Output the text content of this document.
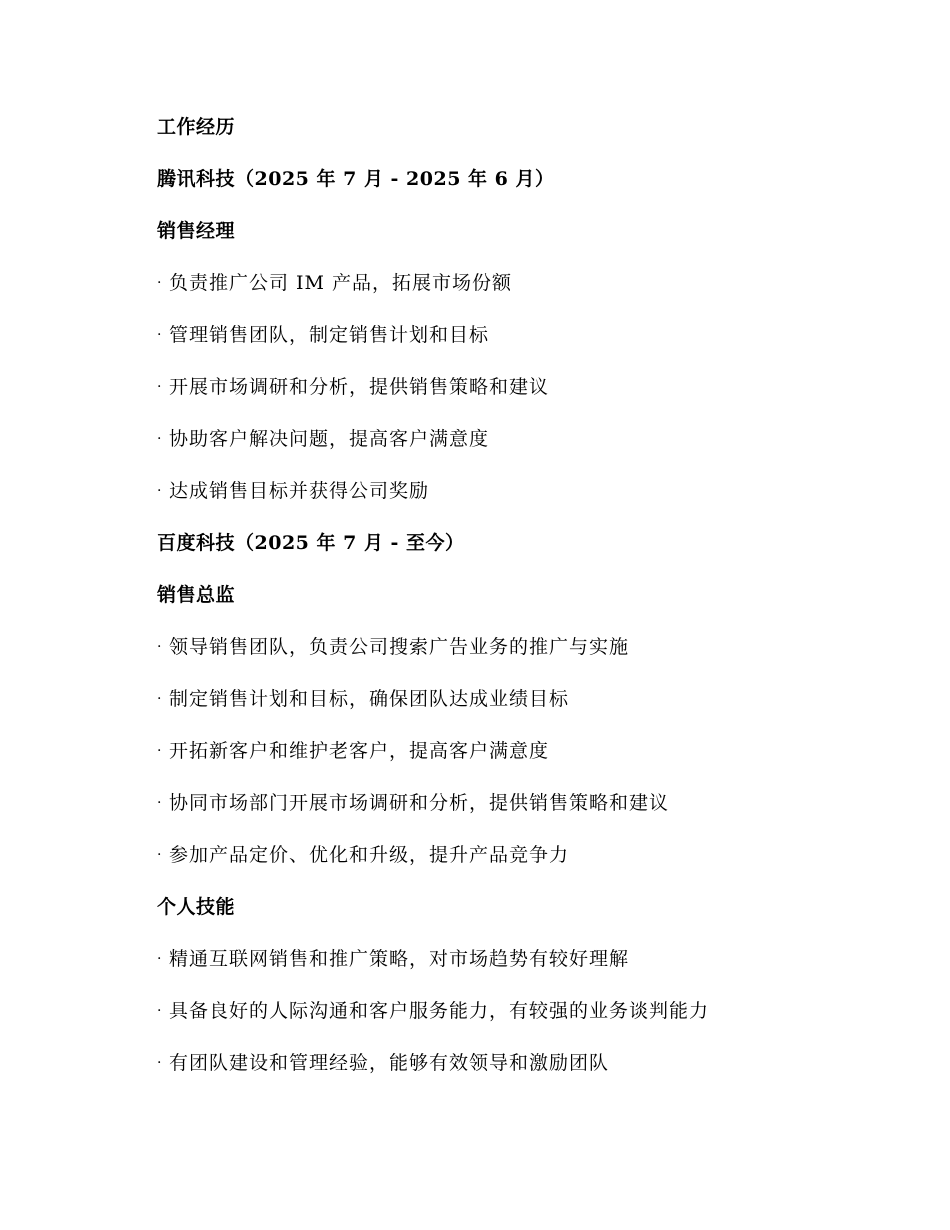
工作经历
腾讯科技（2025 年 7 月 - 2025 年 6 月）
销售经理
· 负责推广公司 IM 产品，拓展市场份额
· 管理销售团队，制定销售计划和目标
· 开展市场调研和分析，提供销售策略和建议
· 协助客户解决问题，提高客户满意度
· 达成销售目标并获得公司奖励
百度科技（2025 年 7 月 - 至今）
销售总监
· 领导销售团队，负责公司搜索广告业务的推广与实施
· 制定销售计划和目标，确保团队达成业绩目标
· 开拓新客户和维护老客户，提高客户满意度
· 协同市场部门开展市场调研和分析，提供销售策略和建议
· 参加产品定价、优化和升级，提升产品竞争力
个人技能
· 精通互联网销售和推广策略，对市场趋势有较好理解
· 具备良好的人际沟通和客户服务能力，有较强的业务谈判能力
· 有团队建设和管理经验，能够有效领导和激励团队
